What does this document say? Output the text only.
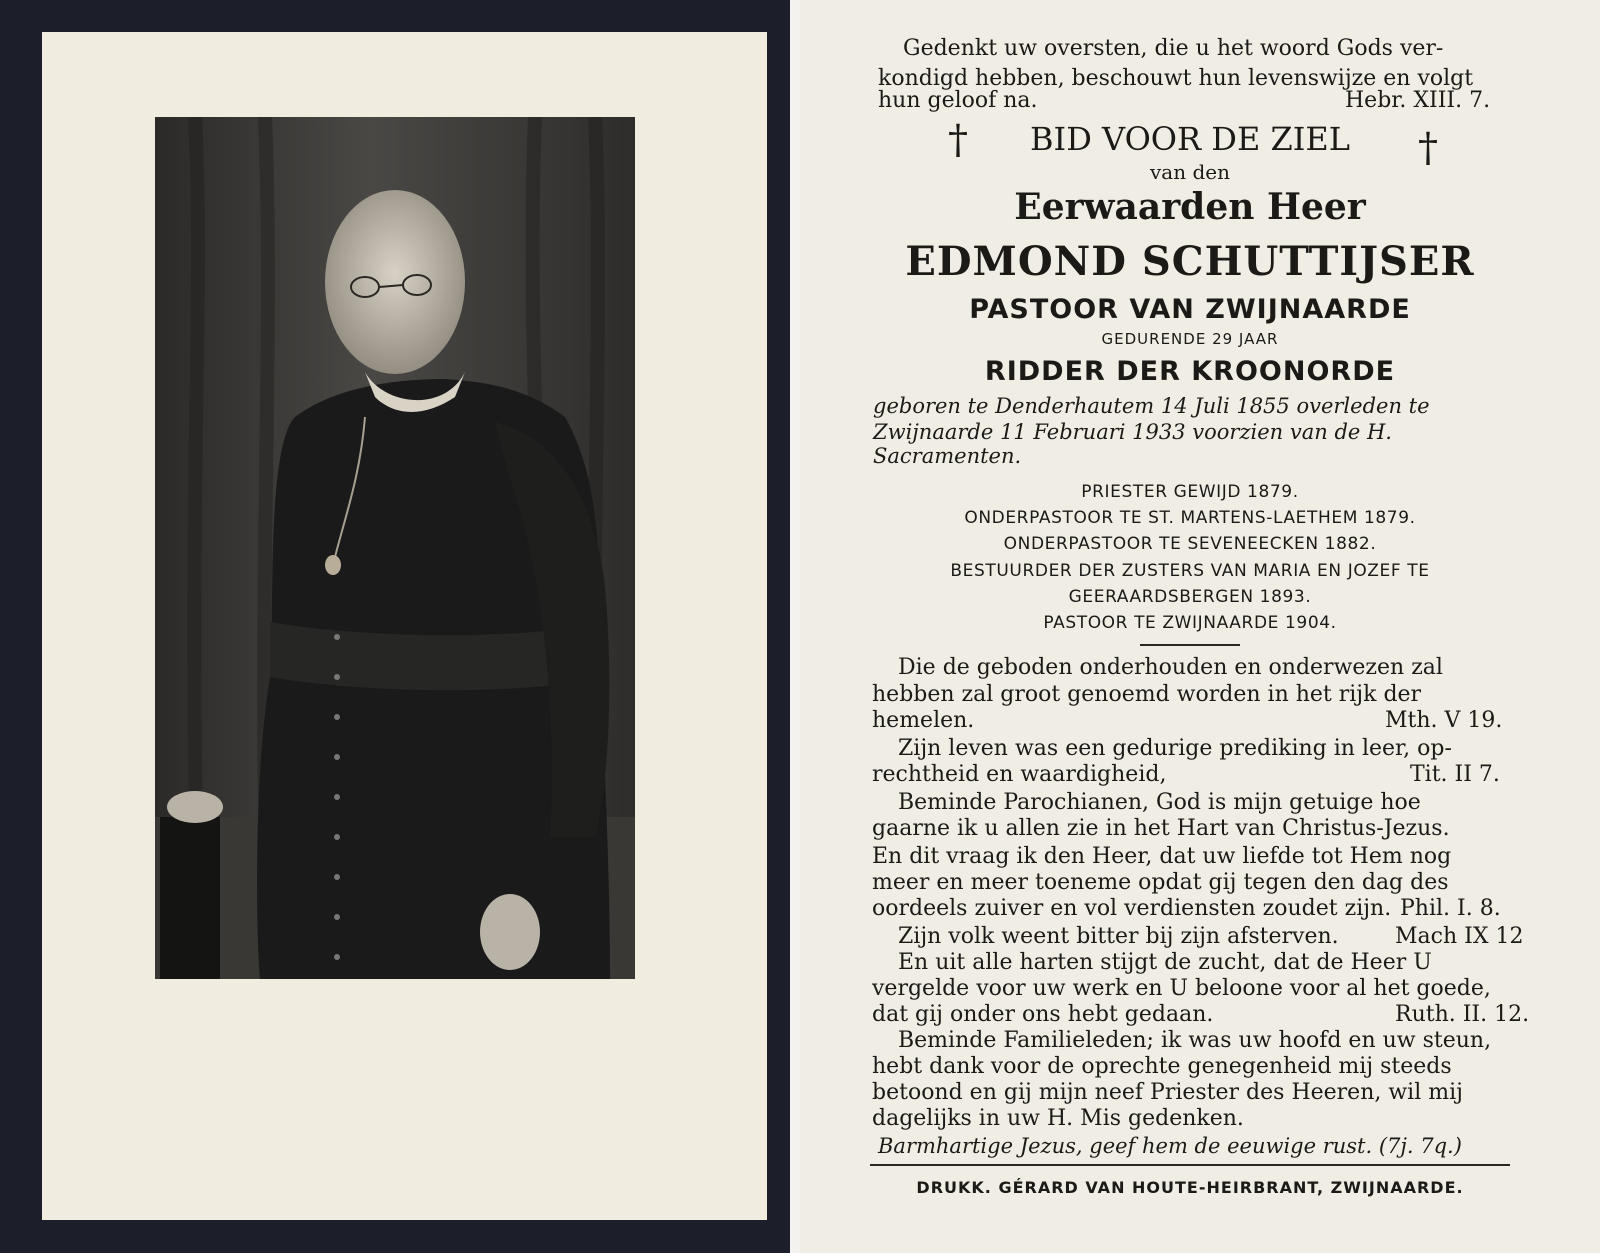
Gedenkt uw oversten, die u het woord Gods ver-
kondigd hebben, beschouwt hun levenswijze en volgt
hun geloof na.	Hebr. XIII. 7.
†	†
BID VOOR DE ZIEL
van den
Eerwaarden Heer
EDMOND SCHUTTIJSER
PASTOOR VAN ZWIJNAARDE
GEDURENDE 29 JAAR
RIDDER DER KROONORDE
geboren te Denderhautem 14 Juli 1855 overleden te
Zwijnaarde 11 Februari 1933 voorzien van de H.
Sacramenten.
PRIESTER GEWIJD 1879.
ONDERPASTOOR TE ST. MARTENS-LAETHEM 1879.
ONDERPASTOOR TE SEVENEECKEN 1882.
BESTUURDER DER ZUSTERS VAN MARIA EN JOZEF TE
GEERAARDSBERGEN 1893.
PASTOOR TE ZWIJNAARDE 1904.
Die de geboden onderhouden en onderwezen zal
hebben zal groot genoemd worden in het rijk der
hemelen.	Mth. V 19.
Zijn leven was een gedurige prediking in leer, op-
rechtheid en waardigheid,	Tit. II 7.
Beminde Parochianen, God is mijn getuige hoe
gaarne ik u allen zie in het Hart van Christus-Jezus.
En dit vraag ik den Heer, dat uw liefde tot Hem nog
meer en meer toeneme opdat gij tegen den dag des
oordeels zuiver en vol verdiensten zoudet zijn. Phil. I. 8.
Zijn volk weent bitter bij zijn afsterven.	Mach IX 12
En uit alle harten stijgt de zucht, dat de Heer U
vergelde voor uw werk en U beloone voor al het goede,
dat gij onder ons hebt gedaan.	Ruth. II. 12.
Beminde Familieleden; ik was uw hoofd en uw steun,
hebt dank voor de oprechte genegenheid mij steeds
betoond en gij mijn neef Priester des Heeren, wil mij
dagelijks in uw H. Mis gedenken.
Barmhartige Jezus, geef hem de eeuwige rust. (7j. 7q.)
DRUKK. GÉRARD VAN HOUTE-HEIRBRANT, ZWIJNAARDE.
